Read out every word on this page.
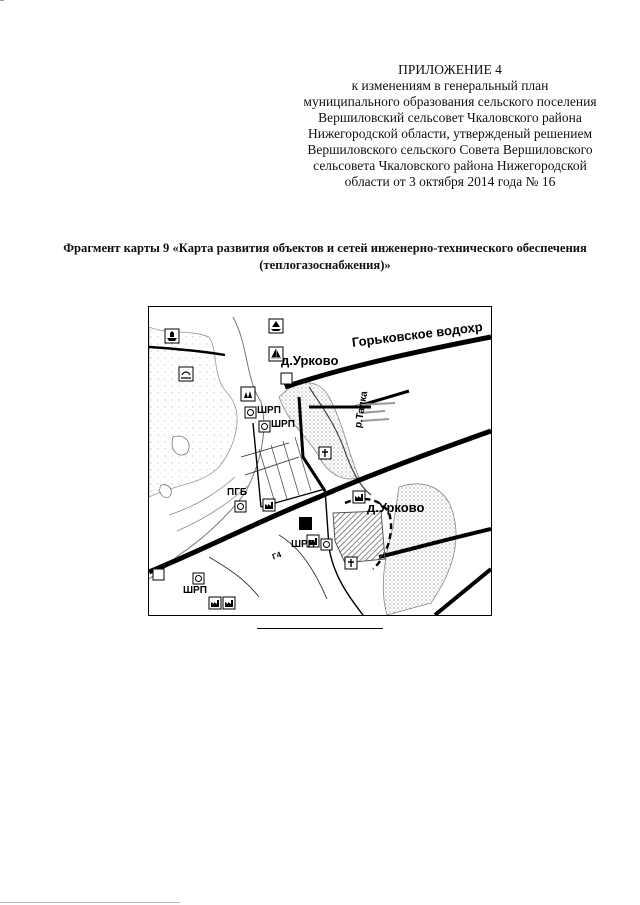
ПРИЛОЖЕНИЕ 4
к изменениям в генеральный план
муниципального образования сельского поселения
Вершиловский сельсовет Чкаловского района
Нижегородской области, утвержденый решением
Вершиловского сельского Совета Вершиловского
сельсовета Чкаловского района Нижегородской
области от 3 октября 2014 года № 16
Фрагмент карты 9 «Карта развития объектов и сетей инженерно-технического обеспечения
(теплогазоснабжения)»
д.Урково
Горьковское водохр
р.Талка
д.Урково
ШРП
ШРП
ШРП
ШРП
ПГБ
Г4
